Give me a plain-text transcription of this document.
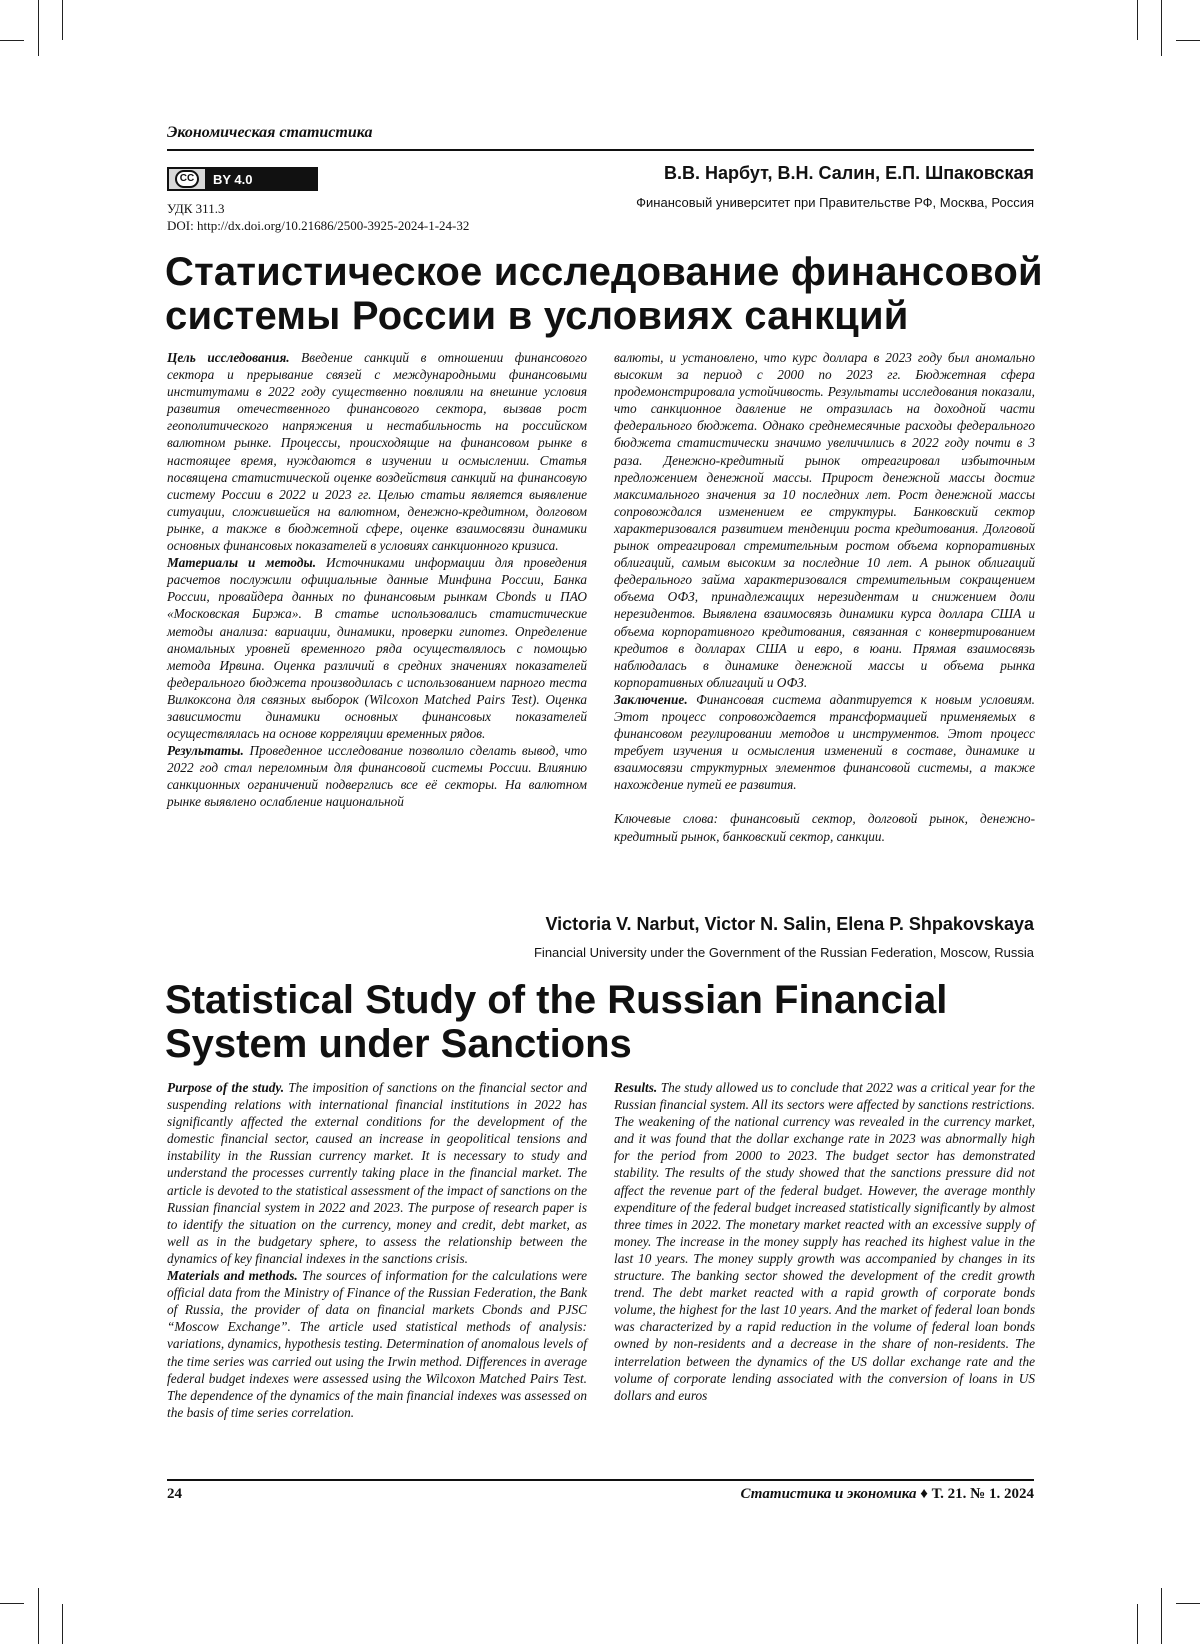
Экономическая статистика
CC	BY 4.0
УДК 311.3
DOI: http://dx.doi.org/10.21686/2500-3925-2024-1-24-32
В.В. Нарбут, В.Н. Салин, Е.П. Шпаковская
Финансовый университет при Правительстве РФ, Москва, Россия
Статистическое исследование финансовой
системы России в условиях санкций

Цель исследования. Введение санкций в отношении финансового сектора и прерывание связей с международными финансовыми институтами в 2022 году существенно повлияли на внешние условия развития отечественного финансового сектора, вызвав рост геополитического напряжения и нестабильность на российском валютном рынке. Процессы, происходящие на финансовом рынке в настоящее время, нуждаются в изучении и осмыслении. Статья посвящена статистической оценке воздействия санкций на финансовую систему России в 2022 и 2023 гг. Целью статьи является выявление ситуации, сложившейся на валютном, денежно-кредитном, долговом рынке, а также в бюджетной сфере, оценке взаимосвязи динамики основных финансовых показателей в условиях санкционного кризиса.

Материалы и методы. Источниками информации для проведения расчетов послужили официальные данные Минфина России, Банка России, провайдера данных по финансовым рынкам Cbonds и ПАО «Московская Биржа». В статье использовались статистические методы анализа: вариации, динамики, проверки гипотез. Определение аномальных уровней временного ряда осуществлялось с помощью метода Ирвина. Оценка различий в средних значениях показателей федерального бюджета производилась с использованием парного теста Вилкоксона для связных выборок (Wilcoxon Matched Pairs Test). Оценка зависимости динамики основных финансовых показателей осуществлялась на основе корреляции временных рядов.

Результаты. Проведенное исследование позволило сделать вывод, что 2022 год стал переломным для финансовой системы России. Влиянию санкционных ограничений подверглись все её секторы. На валютном рынке выявлено ослабление национальной

валюты, и установлено, что курс доллара в 2023 году был аномально высоким за период с 2000 по 2023 гг. Бюджетная сфера продемонстрировала устойчивость. Результаты исследования показали, что санкционное давление не отразилась на доходной части федерального бюджета. Однако среднемесячные расходы федерального бюджета статистически значимо увеличились в 2022 году почти в 3 раза. Денежно-кредитный рынок отреагировал избыточным предложением денежной массы. Прирост денежной массы достиг максимального значения за 10 последних лет. Рост денежной массы сопровождался изменением ее структуры. Банковский сектор характеризовался развитием тенденции роста кредитования. Долговой рынок отреагировал стремительным ростом объема корпоративных облигаций, самым высоким за последние 10 лет. А рынок облигаций федерального займа характеризовался стремительным сокращением объема ОФЗ, принадлежащих нерезидентам и снижением доли нерезидентов. Выявлена взаимосвязь динамики курса доллара США и объема корпоративного кредитования, связанная с конвертированием кредитов в долларах США и евро, в юани. Прямая взаимосвязь наблюдалась в динамике денежной массы и объема рынка корпоративных облигаций и ОФЗ.

Заключение. Финансовая система адаптируется к новым условиям. Этот процесс сопровождается трансформацией применяемых в финансовом регулировании методов и инструментов. Этот процесс требует изучения и осмысления изменений в составе, динамике и взаимосвязи структурных элементов финансовой системы, а также нахождение путей ее развития.

Ключевые слова: финансовый сектор, долговой рынок, денежно-кредитный рынок, банковский сектор, санкции.

Victoria V. Narbut, Victor N. Salin, Elena P. Shpakovskaya
Financial University under the Government of the Russian Federation, Moscow, Russia
Statistical Study of the Russian Financial
System under Sanctions

Purpose of the study. The imposition of sanctions on the financial sector and suspending relations with international financial institutions in 2022 has significantly affected the external conditions for the development of the domestic financial sector, caused an increase in geopolitical tensions and instability in the Russian currency market. It is necessary to study and understand the processes currently taking place in the financial market. The article is devoted to the statistical assessment of the impact of sanctions on the Russian financial system in 2022 and 2023. The purpose of research paper is to identify the situation on the currency, money and credit, debt market, as well as in the budgetary sphere, to assess the relationship between the dynamics of key financial indexes in the sanctions crisis.

Materials and methods. The sources of information for the calculations were official data from the Ministry of Finance of the Russian Federation, the Bank of Russia, the provider of data on financial markets Cbonds and PJSC “Moscow Exchange”. The article used statistical methods of analysis: variations, dynamics, hypothesis testing. Determination of anomalous levels of the time series was carried out using the Irwin method. Differences in average federal budget indexes were assessed using the Wilcoxon Matched Pairs Test. The dependence of the dynamics of the main financial indexes was assessed on the basis of time series correlation.

Results. The study allowed us to conclude that 2022 was a critical year for the Russian financial system. All its sectors were affected by sanctions restrictions. The weakening of the national currency was revealed in the currency market, and it was found that the dollar exchange rate in 2023 was abnormally high for the period from 2000 to 2023. The budget sector has demonstrated stability. The results of the study showed that the sanctions pressure did not affect the revenue part of the federal budget. However, the average monthly expenditure of the federal budget increased statistically significantly by almost three times in 2022. The monetary market reacted with an excessive supply of money. The increase in the money supply has reached its highest value in the last 10 years. The money supply growth was accompanied by changes in its structure. The banking sector showed the development of the credit growth trend. The debt market reacted with a rapid growth of corporate bonds volume, the highest for the last 10 years. And the market of federal loan bonds was characterized by a rapid reduction in the volume of federal loan bonds owned by non-residents and a decrease in the share of non-residents. The interrelation between the dynamics of the US dollar exchange rate and the volume of corporate lending associated with the conversion of loans in US dollars and euros

24	Статистика и экономика ♦ Т. 21. № 1. 2024
